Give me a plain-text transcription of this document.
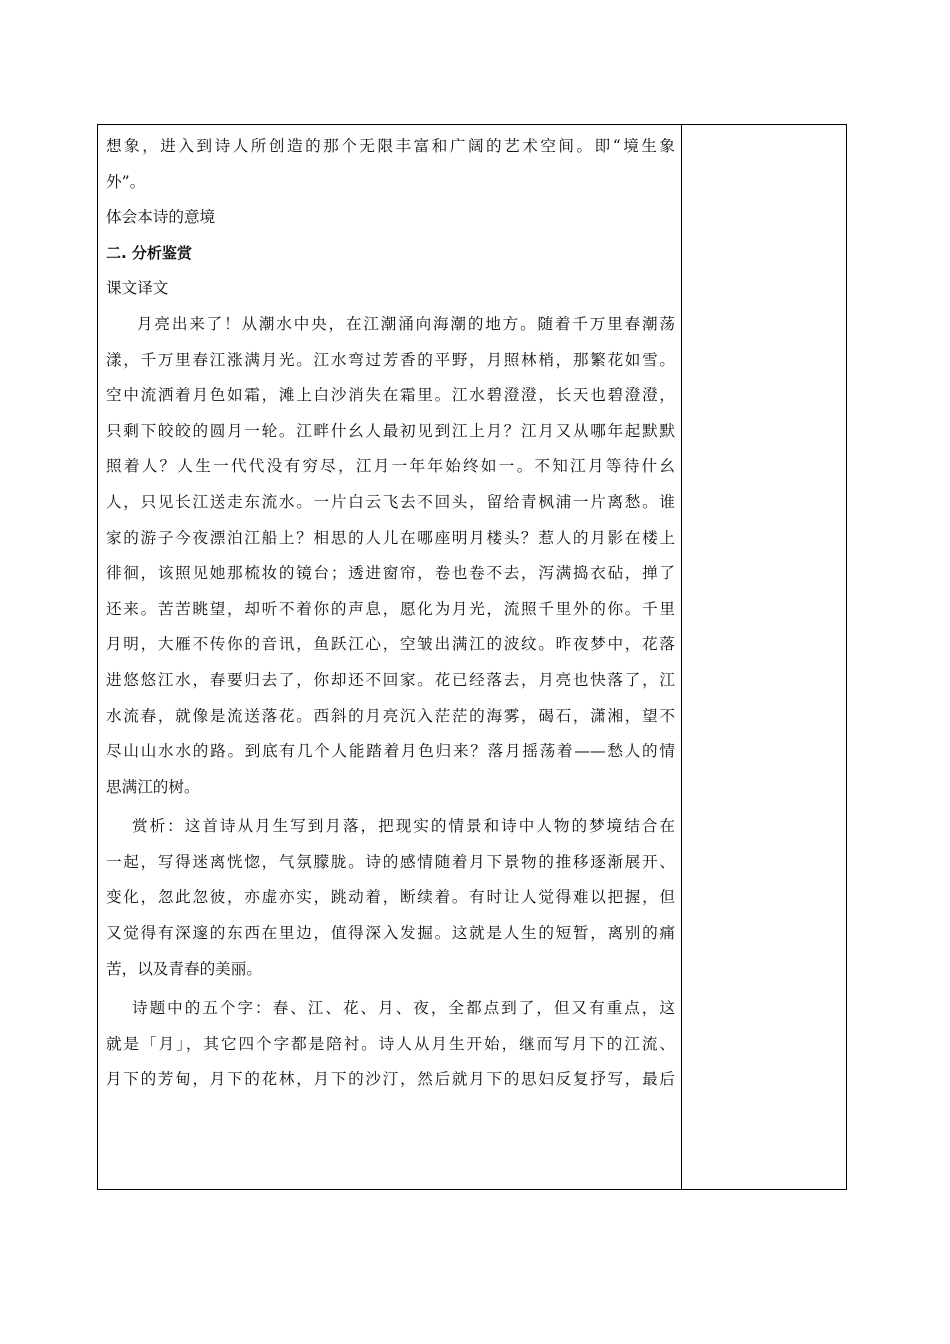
想象，进入到诗人所创造的那个无限丰富和广阔的艺术空间。即“境生象

外”。

体会本诗的意境

二. 分析鉴赏

课文译文

月亮出来了！从潮水中央，在江潮涌向海潮的地方。随着千万里春潮荡

漾，千万里春江涨满月光。江水弯过芳香的平野，月照林梢，那繁花如雪。

空中流洒着月色如霜，滩上白沙消失在霜里。江水碧澄澄，长天也碧澄澄，

只剩下皎皎的圆月一轮。江畔什幺人最初见到江上月？江月又从哪年起默默

照着人？人生一代代没有穷尽，江月一年年始终如一。不知江月等待什幺

人，只见长江送走东流水。一片白云飞去不回头，留给青枫浦一片离愁。谁

家的游子今夜漂泊江船上？相思的人儿在哪座明月楼头？惹人的月影在楼上

徘徊，该照见她那梳妆的镜台；透进窗帘，卷也卷不去，泻满捣衣砧，掸了

还来。苦苦眺望，却听不着你的声息，愿化为月光，流照千里外的你。千里

月明，大雁不传你的音讯，鱼跃江心，空皱出满江的波纹。昨夜梦中，花落

进悠悠江水，春要归去了，你却还不回家。花已经落去，月亮也快落了，江

水流春，就像是流送落花。西斜的月亮沉入茫茫的海雾，碣石，潇湘，望不

尽山山水水的路。到底有几个人能踏着月色归来？落月摇荡着——愁人的情

思满江的树。

赏析：这首诗从月生写到月落，把现实的情景和诗中人物的梦境结合在

一起，写得迷离恍惚，气氛朦胧。诗的感情随着月下景物的推移逐渐展开、

变化，忽此忽彼，亦虚亦实，跳动着，断续着。有时让人觉得难以把握，但

又觉得有深邃的东西在里边，值得深入发掘。这就是人生的短暂，离别的痛

苦，以及青春的美丽。

诗题中的五个字：春、江、花、月、夜，全都点到了，但又有重点，这

就是「月」，其它四个字都是陪衬。诗人从月生开始，继而写月下的江流、

月下的芳甸，月下的花林，月下的沙汀，然后就月下的思妇反复抒写，最后
